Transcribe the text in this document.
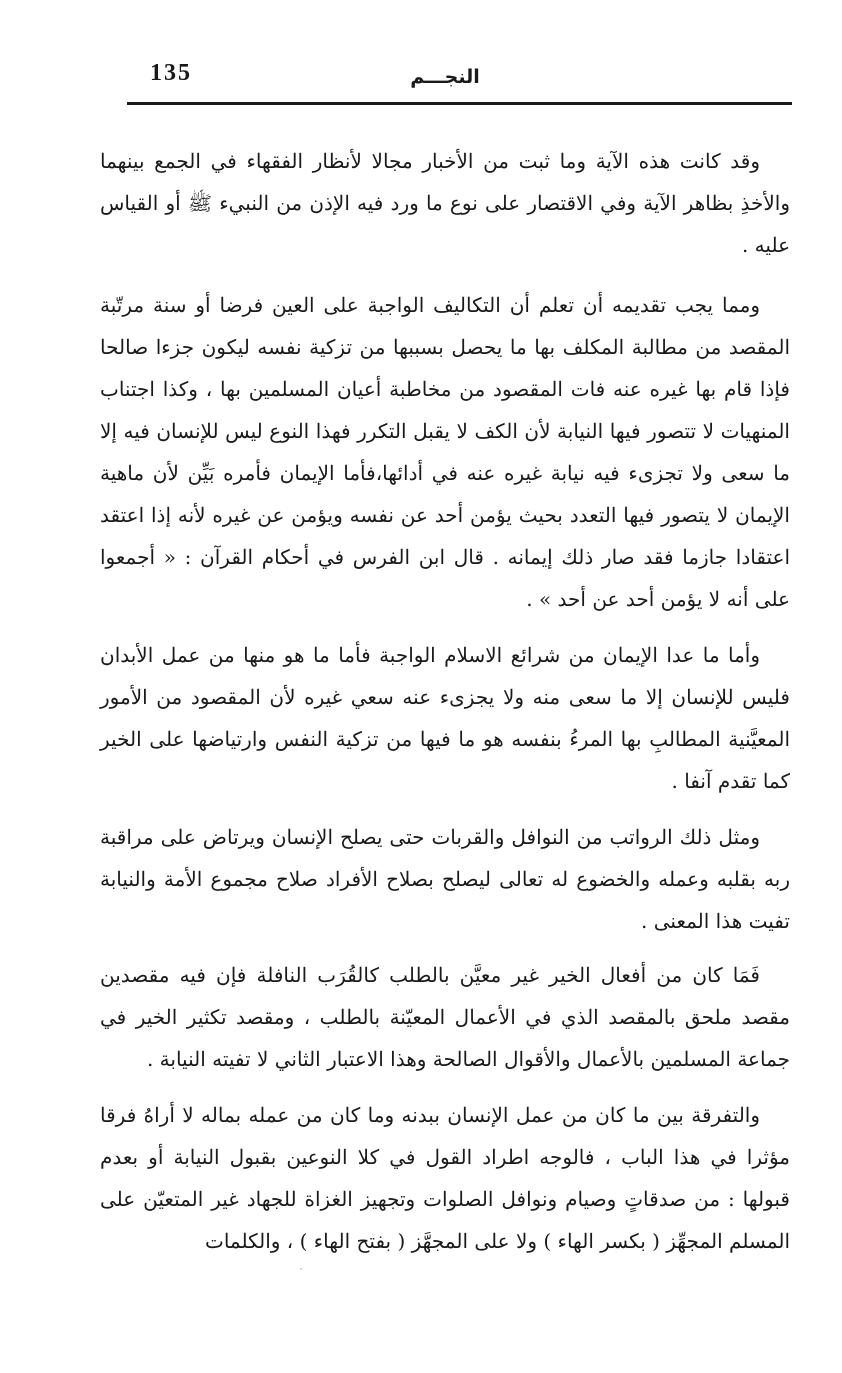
135	النجـــم

وقد كانت هذه الآية وما ثبت من الأخبار مجالا لأنظار الفقهاء في الجمع بينهما والأخذِ بظاهر الآية وفي الاقتصار على نوع ما ورد فيه الإذن من النبيء ﷺ أو القياس عليه .

ومما يجب تقديمه أن تعلم أن التكاليف الواجبة على العين فرضا أو سنة مرتّبة المقصد من مطالبة المكلف بها ما يحصل بسببها من تزكية نفسه ليكون جزءا صالحا فإذا قام بها غيره عنه فات المقصود من مخاطبة أعيان المسلمين بها ، وكذا اجتناب المنهيات لا تتصور فيها النيابة لأن الكف لا يقبل التكرر فهذا النوع ليس للإنسان فيه إلا ما سعى ولا تجزىء فيه نيابة غيره عنه في أدائها،فأما الإيمان فأمره بَيِّن لأن ماهية الإيمان لا يتصور فيها التعدد بحيث يؤمن أحد عن نفسه ويؤمن عن غيره لأنه إذا اعتقد اعتقادا جازما فقد صار ذلك إيمانه . قال ابن الفرس في أحكام القرآن : « أجمعوا على أنه لا يؤمن أحد عن أحد » .

وأما ما عدا الإيمان من شرائع الاسلام الواجبة فأما ما هو منها من عمل الأبدان فليس للإنسان إلا ما سعى منه ولا يجزىء عنه سعي غيره لأن المقصود من الأمور المعيَّنية المطالبِ بها المرءُ بنفسه هو ما فيها من تزكية النفس وارتياضها على الخير كما تقدم آنفا .

ومثل ذلك الرواتب من النوافل والقربات حتى يصلح الإنسان ويرتاض على مراقبة ربه بقلبه وعمله والخضوع له تعالى ليصلح بصلاح الأفراد صلاح مجموع الأمة والنيابة تفيت هذا المعنى .

فَمَا كان من أفعال الخير غير معيَّن بالطلب كالقُرَب النافلة فإن فيه مقصدين مقصد ملحق بالمقصد الذي في الأعمال المعيّنة بالطلب ، ومقصد تكثير الخير في جماعة المسلمين بالأعمال والأقوال الصالحة وهذا الاعتبار الثاني لا تفيته النيابة .

والتفرقة بين ما كان من عمل الإنسان ببدنه وما كان من عمله بماله لا أراهُ فرقا مؤثرا في هذا الباب ، فالوجه اطراد القول في كلا النوعين بقبول النيابة أو بعدم قبولها : من صدقاتٍ وصيام ونوافل الصلوات وتجهيز الغزاة للجهاد غير المتعيّن على المسلم المجهِّز ( بكسر الهاء ) ولا على المجهَّز ( بفتح الهاء ) ، والكلمات
